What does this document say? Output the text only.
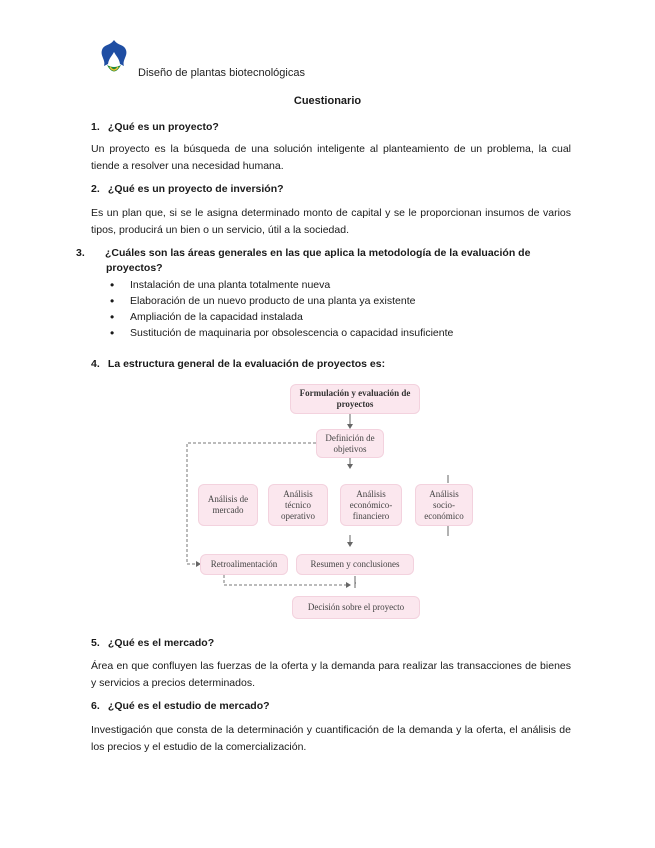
Diseño de plantas biotecnológicas
Cuestionario
1. ¿Qué es un proyecto?
Un proyecto es la búsqueda de una solución inteligente al planteamiento de un problema, la cual tiende a resolver una necesidad humana.
2. ¿Qué es un proyecto de inversión?
Es un plan que, si se le asigna determinado monto de capital y se le proporcionan insumos de varios tipos, producirá un bien o un servicio, útil a la sociedad.
3. ¿Cuáles son las áreas generales en las que aplica la metodología de la evaluación de proyectos?
• Instalación de una planta totalmente nueva
• Elaboración de un nuevo producto de una planta ya existente
• Ampliación de la capacidad instalada
• Sustitución de maquinaria por obsolescencia o capacidad insuficiente
4. La estructura general de la evaluación de proyectos es:
Formulación y evaluación de proyectos
Definición de objetivos
Análisis de mercado
Análisis técnico operativo
Análisis económico-financiero
Análisis socio-económico
Retroalimentación	Resumen y conclusiones
Decisión sobre el proyecto
5. ¿Qué es el mercado?
Área en que confluyen las fuerzas de la oferta y la demanda para realizar las transacciones de bienes y servicios a precios determinados.
6. ¿Qué es el estudio de mercado?
Investigación que consta de la determinación y cuantificación de la demanda y la oferta, el análisis de los precios y el estudio de la comercialización.
